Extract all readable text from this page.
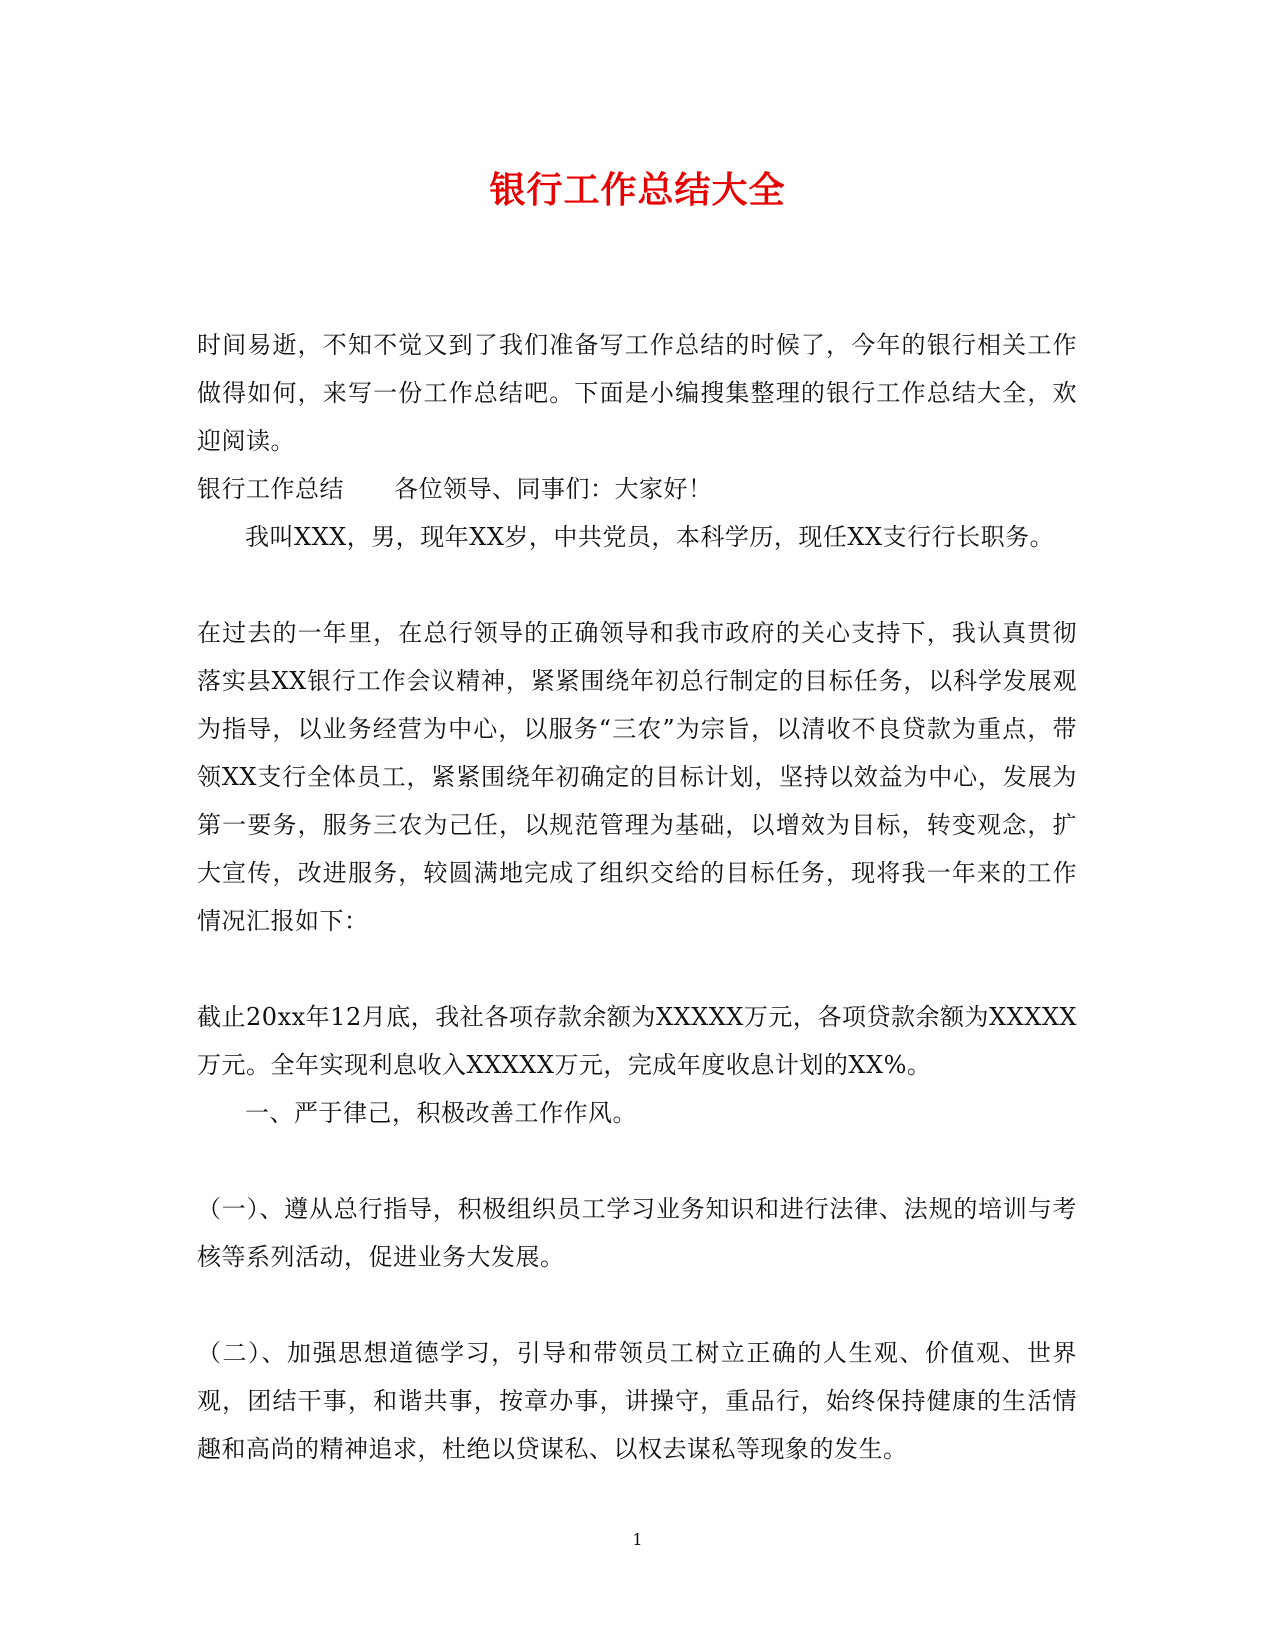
银行工作总结大全

时间易逝，不知不觉又到了我们准备写工作总结的时候了，今年的银行相关工作做得如何，来写一份工作总结吧。下面是小编搜集整理的银行工作总结大全，欢迎阅读。

银行工作总结 各位领导、同事们：大家好！

我叫XXX，男，现年XX岁，中共党员，本科学历，现任XX支行行长职务。

在过去的一年里，在总行领导的正确领导和我市政府的关心支持下，我认真贯彻落实县XX银行工作会议精神，紧紧围绕年初总行制定的目标任务，以科学发展观为指导，以业务经营为中心，以服务“三农”为宗旨，以清收不良贷款为重点，带领XX支行全体员工，紧紧围绕年初确定的目标计划，坚持以效益为中心，发展为第一要务，服务三农为己任，以规范管理为基础，以增效为目标，转变观念，扩大宣传，改进服务，较圆满地完成了组织交给的目标任务，现将我一年来的工作情况汇报如下：

截止20xx年12月底，我社各项存款余额为XXXXX万元，各项贷款余额为XXXXX万元。全年实现利息收入XXXXX万元，完成年度收息计划的XX%。

一、严于律己，积极改善工作作风。

（一）、遵从总行指导，积极组织员工学习业务知识和进行法律、法规的培训与考核等系列活动，促进业务大发展。

（二）、加强思想道德学习，引导和带领员工树立正确的人生观、价值观、世界观，团结干事，和谐共事，按章办事，讲操守，重品行，始终保持健康的生活情趣和高尚的精神追求，杜绝以贷谋私、以权去谋私等现象的发生。

1
